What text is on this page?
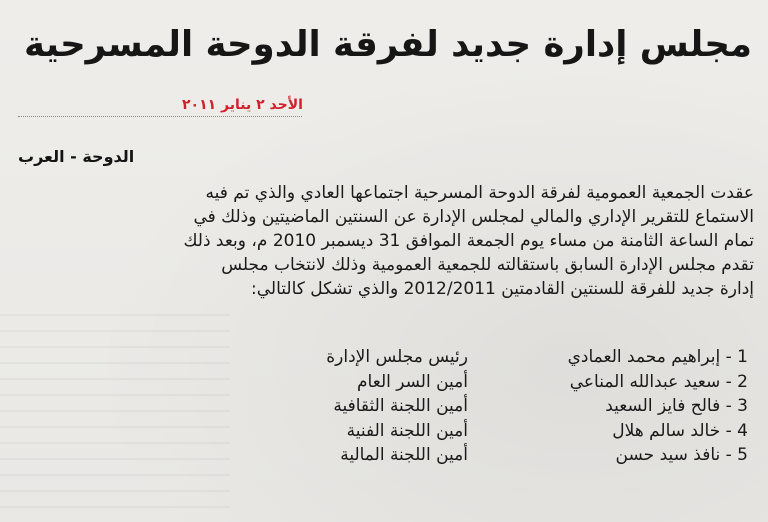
مجلس إدارة جديد لفرقة الدوحة المسرحية
الأحد ٢ يناير ٢٠١١
الدوحة - العرب
عقدت الجمعية العمومية لفرقة الدوحة المسرحية اجتماعها العادي والذي تم فيه
الاستماع للتقرير الإداري والمالي لمجلس الإدارة عن السنتين الماضيتين وذلك في
تمام الساعة الثامنة من مساء يوم الجمعة الموافق 31 ديسمبر 2010 م، وبعد ذلك
تقدم مجلس الإدارة السابق باستقالته للجمعية العمومية وذلك لانتخاب مجلس
إدارة جديد للفرقة للسنتين القادمتين 2012/2011 والذي تشكل كالتالي:
1 - إبراهيم محمد العمادي
رئيس مجلس الإدارة
2 - سعيد عبدالله المناعي
أمين السر العام
3 - فالح فايز السعيد
أمين اللجنة الثقافية
4 - خالد سالم هلال
أمين اللجنة الفنية
5 - نافذ سيد حسن
أمين اللجنة المالية
